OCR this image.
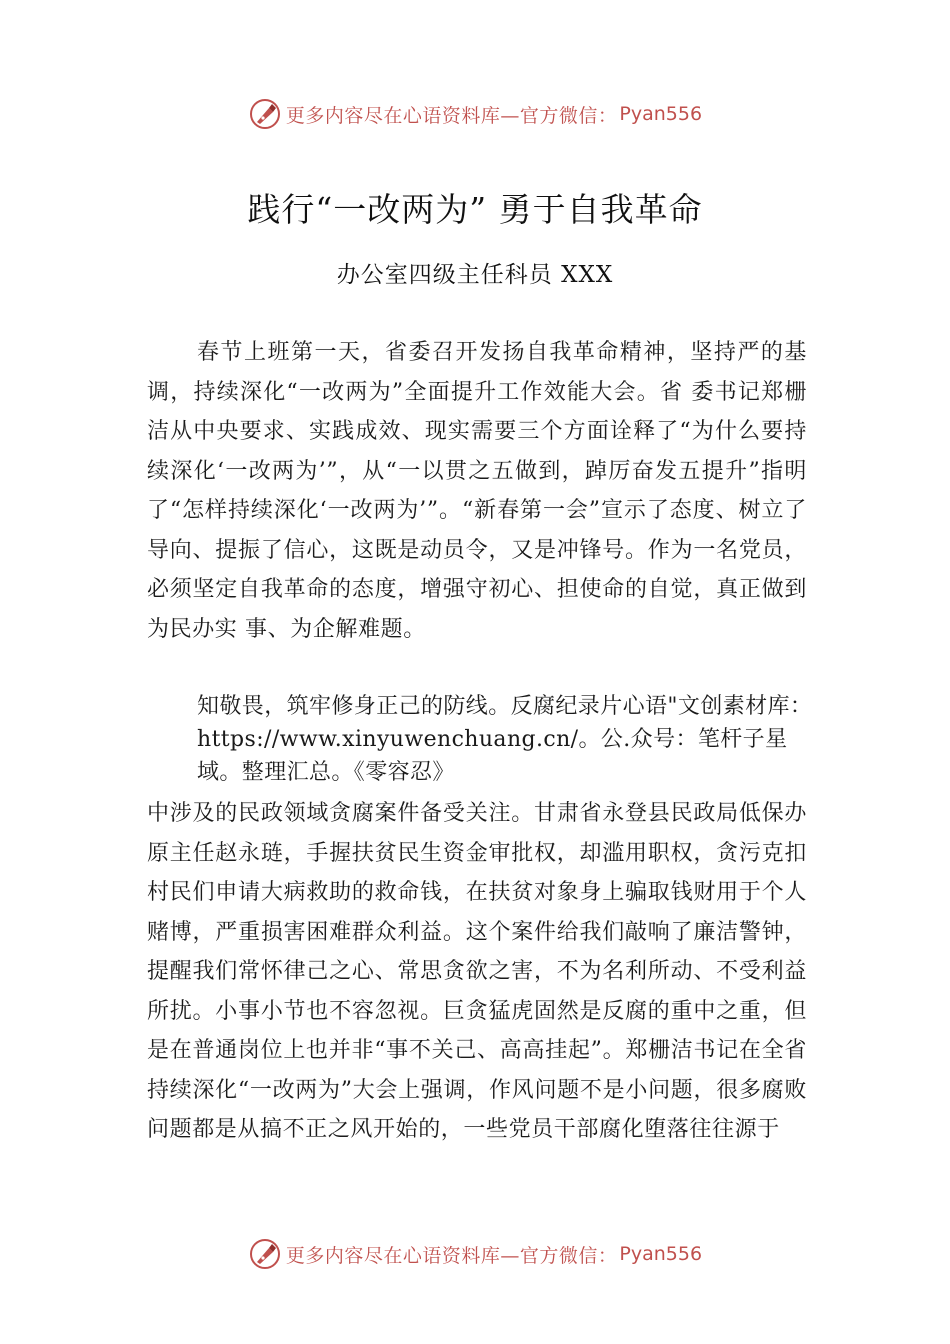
更多内容尽在心语资料库—官方微信： Pyan556
践行“一改两为” 勇于自我革命
办公室四级主任科员 XXX

春节上班第一天，省委召开发扬自我革命精神，坚持严的基调，持续深化“一改两为”全面提升工作效能大会。省 委书记郑栅洁从中央要求、实践成效、现实需要三个方面诠释了“为什么要持续深化‘一改两为’”，从“一以贯之五做到，踔厉奋发五提升”指明了“怎样持续深化‘一改两为’”。“新春第一会”宣示了态度、树立了导向、提振了信心，这既是动员令，又是冲锋号。作为一名党员，必须坚定自我革命的态度，增强守初心、担使命的自觉，真正做到为民办实 事、为企解难题。

知敬畏，筑牢修身正己的防线。反腐纪录片心语"文创素材库：https://www.xinyuwenchuang.cn/。公.众号：笔杆子星域。整理汇总。《零容忍》

中涉及的民政领域贪腐案件备受关注。甘肃省永登县民政局低保办原主任赵永琏，手握扶贫民生资金审批权，却滥用职权，贪污克扣村民们申请大病救助的救命钱，在扶贫对象身上骗取钱财用于个人赌博，严重损害困难群众利益。这个案件给我们敲响了廉洁警钟，提醒我们常怀律己之心、常思贪欲之害，不为名利所动、不受利益所扰。小事小节也不容忽视。巨贪猛虎固然是反腐的重中之重，但是在普通岗位上也并非“事不关己、高高挂起”。郑栅洁书记在全省持续深化“一改两为”大会上强调，作风问题不是小问题，很多腐败问题都是从搞不正之风开始的，一些党员干部腐化堕落往往源于

更多内容尽在心语资料库—官方微信： Pyan556
